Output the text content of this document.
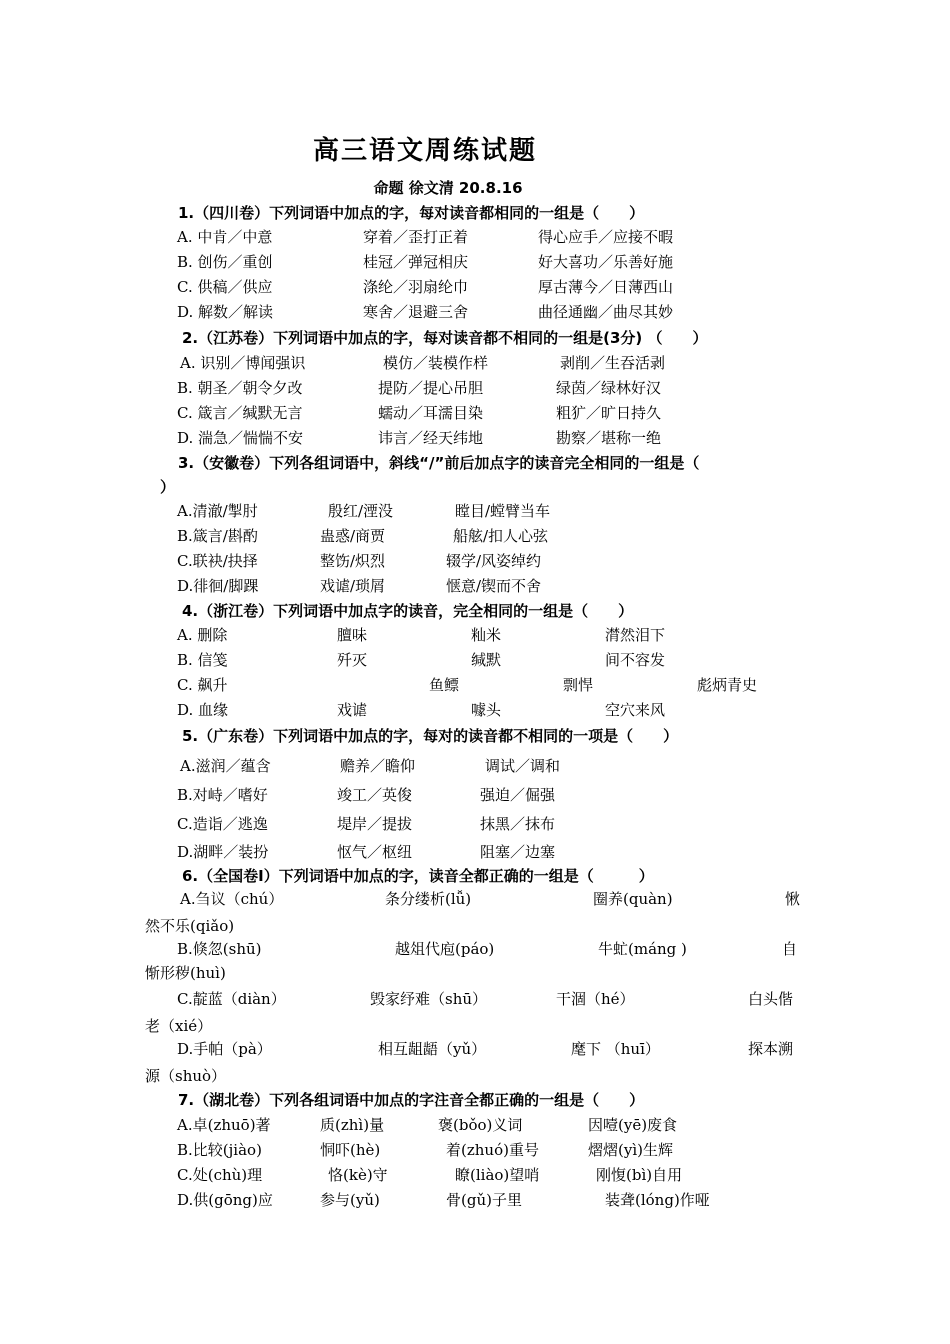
高三语文周练试题
命题 徐文清 20.8.16
1.（四川卷）下列词语中加点的字，每对读音都相同的一组是（　　）
A. 中肯／中意	穿着／歪打正着	得心应手／应接不暇
B. 创伤／重创	桂冠／弹冠相庆	好大喜功／乐善好施
C. 供稿／供应	涤纶／羽扇纶巾	厚古薄今／日薄西山
D. 解数／解读	寒舍／退避三舍	曲径通幽／曲尽其妙
2.（江苏卷）下列词语中加点的字，每对读音都不相同的一组是(3分) （　　）
A. 识别／博闻强识	模仿／装模作样	剥削／生吞活剥
B. 朝圣／朝令夕改	提防／提心吊胆	绿茵／绿林好汉
C. 箴言／缄默无言	蠕动／耳濡目染	粗犷／旷日持久
D. 湍急／惴惴不安	讳言／经天纬地	勘察／堪称一绝
3.（安徽卷）下列各组词语中，斜线“/”前后加点字的读音完全相同的一组是（
）
A.清澈/掣肘	殷红/湮没	瞠目/螳臂当车
B.箴言/斟酌	蛊惑/商贾	船舷/扣人心弦
C.联袂/抉择	整饬/炽烈	辍学/风姿绰约
D.徘徊/脚踝	戏谑/琐屑	惬意/锲而不舍
4.（浙江卷）下列词语中加点字的读音，完全相同的一组是（　　）
A. 删除	膻味	籼米	潸然泪下
B. 信笺	歼灭	缄默	间不容发
C. 飙升	鱼鳔	剽悍	彪炳青史
D. 血缘	戏谑	噱头	空穴来风
5.（广东卷）下列词语中加点的字，每对的读音都不相同的一项是（　　）
A.滋润／蕴含	赡养／瞻仰	调试／调和
B.对峙／嗜好	竣工／英俊	强迫／倔强
C.造诣／逃逸	堤岸／提拔	抹黑／抹布
D.湖畔／装扮	怄气／枢纽	阻塞／边塞
6.（全国卷Ⅰ）下列词语中加点的字，读音全都正确的一组是（　　　）
A.刍议（chú）	条分缕析(lǚ)	圈养(quàn)	愀
然不乐(qiǎo)
B.倏忽(shū)	越俎代庖(páo)	牛虻(máng )	自
惭形秽(huì)
C.靛蓝（diàn）	毁家纾难（shū）	干涸（hé）	白头偕
老（xié）
D.手帕（pà）	相互龃龉（yǔ）	麾下 （huī）	探本溯
源（shuò）
7.（湖北卷）下列各组词语中加点的字注音全都正确的一组是（　　）
A.卓(zhuō)著	质(zhì)量	褒(bǒo)义词	因噎(yē)废食
B.比较(jiào)	恫吓(hè)	着(zhuó)重号	熠熠(yì)生辉
C.处(chù)理	恪(kè)守	瞭(liào)望哨	刚愎(bì)自用
D.供(gōng)应	参与(yǔ)	骨(gǔ)子里	装聋(lóng)作哑
